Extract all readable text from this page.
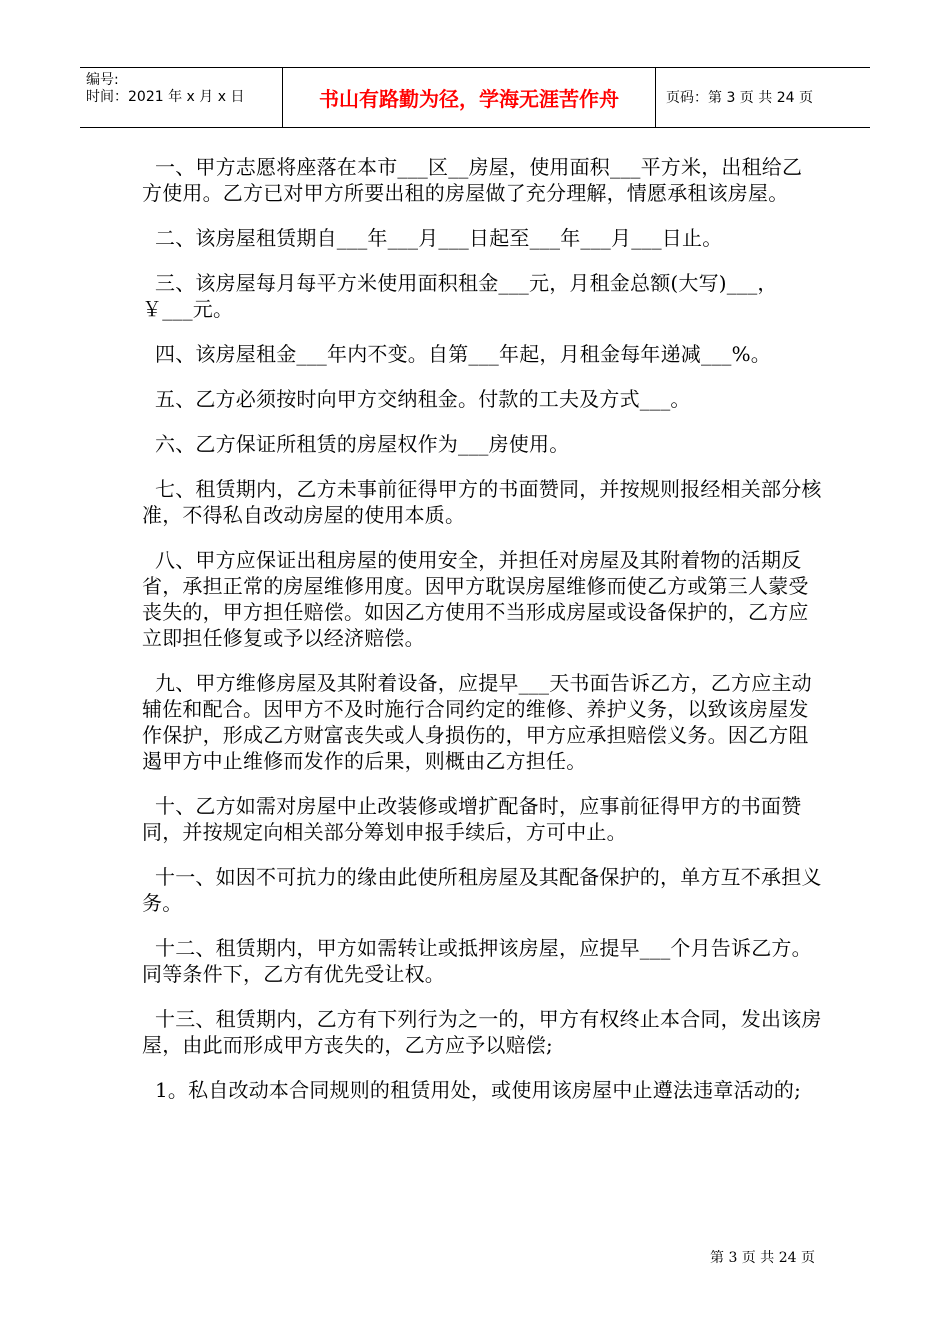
编号:
时间：2021 年 x 月 x 日	书山有路勤为径，学海无涯苦作舟	页码：第 3 页 共 24 页

一、甲方志愿将座落在本市___区__房屋，使用面积___平方米，出租给乙方使用。乙方已对甲方所要出租的房屋做了充分理解，情愿承租该房屋。

二、该房屋租赁期自___年___月___日起至___年___月___日止。

三、该房屋每月每平方米使用面积租金___元，月租金总额(大写)___，￥___元。

四、该房屋租金___年内不变。自第___年起，月租金每年递减___%。

五、乙方必须按时向甲方交纳租金。付款的工夫及方式___。

六、乙方保证所租赁的房屋权作为___房使用。

七、租赁期内，乙方未事前征得甲方的书面赞同，并按规则报经相关部分核准，不得私自改动房屋的使用本质。

八、甲方应保证出租房屋的使用安全，并担任对房屋及其附着物的活期反省，承担正常的房屋维修用度。因甲方耽误房屋维修而使乙方或第三人蒙受丧失的，甲方担任赔偿。如因乙方使用不当形成房屋或设备保护的，乙方应立即担任修复或予以经济赔偿。

九、甲方维修房屋及其附着设备，应提早___天书面告诉乙方，乙方应主动辅佐和配合。因甲方不及时施行合同约定的维修、养护义务，以致该房屋发作保护，形成乙方财富丧失或人身损伤的，甲方应承担赔偿义务。因乙方阻遏甲方中止维修而发作的后果，则概由乙方担任。

十、乙方如需对房屋中止改装修或增扩配备时，应事前征得甲方的书面赞同，并按规定向相关部分筹划申报手续后，方可中止。

十一、如因不可抗力的缘由此使所租房屋及其配备保护的，单方互不承担义务。

十二、租赁期内，甲方如需转让或抵押该房屋，应提早___个月告诉乙方。同等条件下，乙方有优先受让权。

十三、租赁期内，乙方有下列行为之一的，甲方有权终止本合同，发出该房屋，由此而形成甲方丧失的，乙方应予以赔偿;

1。私自改动本合同规则的租赁用处，或使用该房屋中止遵法违章活动的;

第 3 页 共 24 页
